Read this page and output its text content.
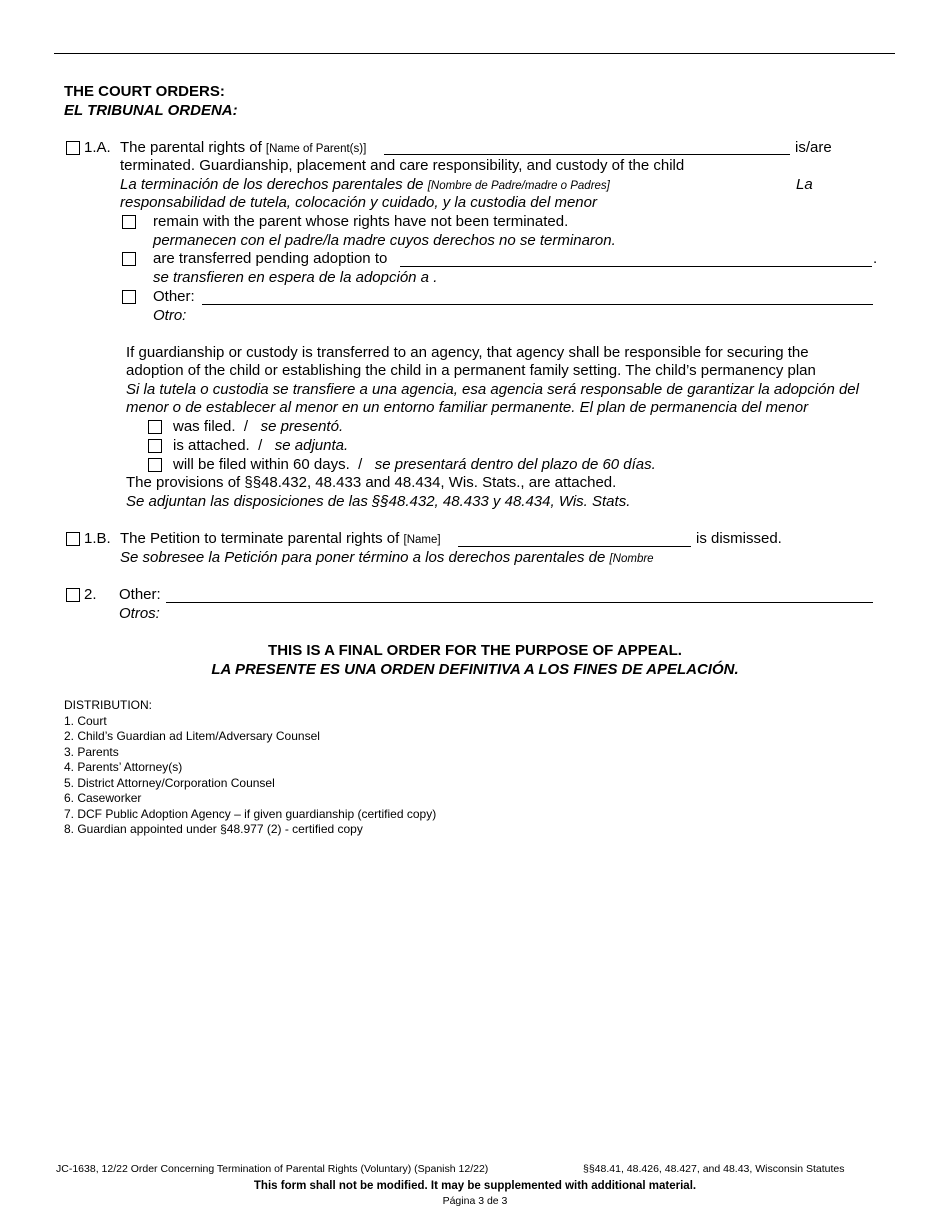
THE COURT ORDERS:
EL TRIBUNAL ORDENA:
1.A. The parental rights of [Name of Parent(s)]	is/are
terminated. Guardianship, placement and care responsibility, and custody of the child
La terminación de los derechos parentales de [Nombre de Padre/madre o Padres]	La
responsabilidad de tutela, colocación y cuidado, y la custodia del menor
remain with the parent whose rights have not been terminated.
permanecen con el padre/la madre cuyos derechos no se terminaron.
are transferred pending adoption to	.
se transfieren en espera de la adopción a .
Other:
Otro:
If guardianship or custody is transferred to an agency, that agency shall be responsible for securing the
adoption of the child or establishing the child in a permanent family setting. The child’s permanency plan
Si la tutela o custodia se transfiere a una agencia, esa agencia será responsable de garantizar la adopción del
menor o de establecer al menor en un entorno familiar permanente. El plan de permanencia del menor
was filed. / se presentó.
is attached. / se adjunta.
will be filed within 60 days. / se presentará dentro del plazo de 60 días.
The provisions of §§48.432, 48.433 and 48.434, Wis. Stats., are attached.
Se adjuntan las disposiciones de las §§48.432, 48.433 y 48.434, Wis. Stats.
1.B. The Petition to terminate parental rights of [Name]	is dismissed.
Se sobresee la Petición para poner término a los derechos parentales de [Nombre
2. Other:
Otros:
THIS IS A FINAL ORDER FOR THE PURPOSE OF APPEAL.
LA PRESENTE ES UNA ORDEN DEFINITIVA A LOS FINES DE APELACIÓN.
DISTRIBUTION:
1. Court
2. Child’s Guardian ad Litem/Adversary Counsel
3. Parents
4. Parents’ Attorney(s)
5. District Attorney/Corporation Counsel
6. Caseworker
7. DCF Public Adoption Agency – if given guardianship (certified copy)
8. Guardian appointed under §48.977 (2) - certified copy
JC-1638, 12/22 Order Concerning Termination of Parental Rights (Voluntary) (Spanish 12/22)	§§48.41, 48.426, 48.427, and 48.43, Wisconsin Statutes
This form shall not be modified. It may be supplemented with additional material.
Página 3 de 3
